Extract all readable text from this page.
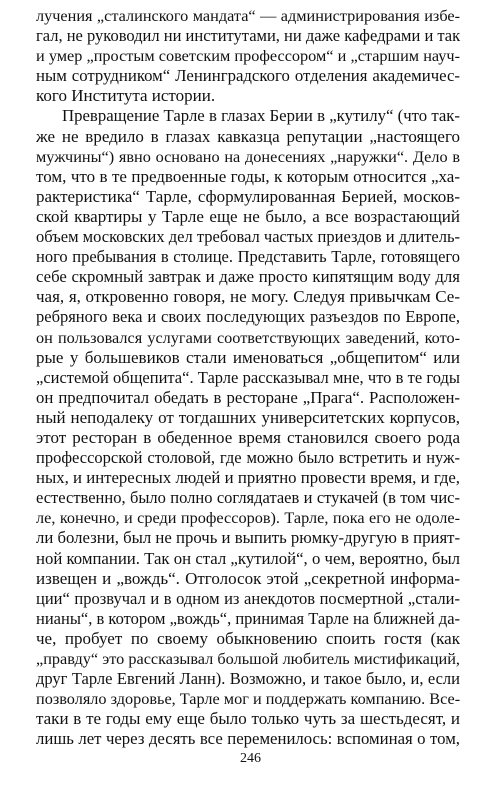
лучения „сталинского мандата“ — администрирования избе-
гал, не руководил ни институтами, ни даже кафедрами и так
и умер „простым советским профессором“ и „старшим науч-
ным сотрудником“ Ленинградского отделения академичес-
кого Института истории.
Превращение Тарле в глазах Берии в „кутилу“ (что так-
же не вредило в глазах кавказца репутации „настоящего
мужчины“) явно основано на донесениях „наружки“. Дело в
том, что в те предвоенные годы, к которым относится „ха-
рактеристика“ Тарле, сформулированная Берией, москов-
ской квартиры у Тарле еще не было, а все возрастающий
объем московских дел требовал частых приездов и длитель-
ного пребывания в столице. Представить Тарле, готовящего
себе скромный завтрак и даже просто кипятящим воду для
чая, я, откровенно говоря, не могу. Следуя привычкам Се-
ребряного века и своих последующих разъездов по Европе,
он пользовался услугами соответствующих заведений, кото-
рые у большевиков стали именоваться „общепитом“ или
„системой общепита“. Тарле рассказывал мне, что в те годы
он предпочитал обедать в ресторане „Прага“. Расположен-
ный неподалеку от тогдашних университетских корпусов,
этот ресторан в обеденное время становился своего рода
профессорской столовой, где можно было встретить и нуж-
ных, и интересных людей и приятно провести время, и где,
естественно, было полно соглядатаев и стукачей (в том чис-
ле, конечно, и среди профессоров). Тарле, пока его не одоле-
ли болезни, был не прочь и выпить рюмку-другую в прият-
ной компании. Так он стал „кутилой“, о чем, вероятно, был
извещен и „вождь“. Отголосок этой „секретной информа-
ции“ прозвучал и в одном из анекдотов посмертной „стали-
нианы“, в котором „вождь“, принимая Тарле на ближней да-
че, пробует по своему обыкновению споить гостя (как
„правду“ это рассказывал большой любитель мистификаций,
друг Тарле Евгений Ланн). Возможно, и такое было, и, если
позволяло здоровье, Тарле мог и поддержать компанию. Все-
таки в те годы ему еще было только чуть за шестьдесят, и
лишь лет через десять все переменилось: вспоминая о том,
246
